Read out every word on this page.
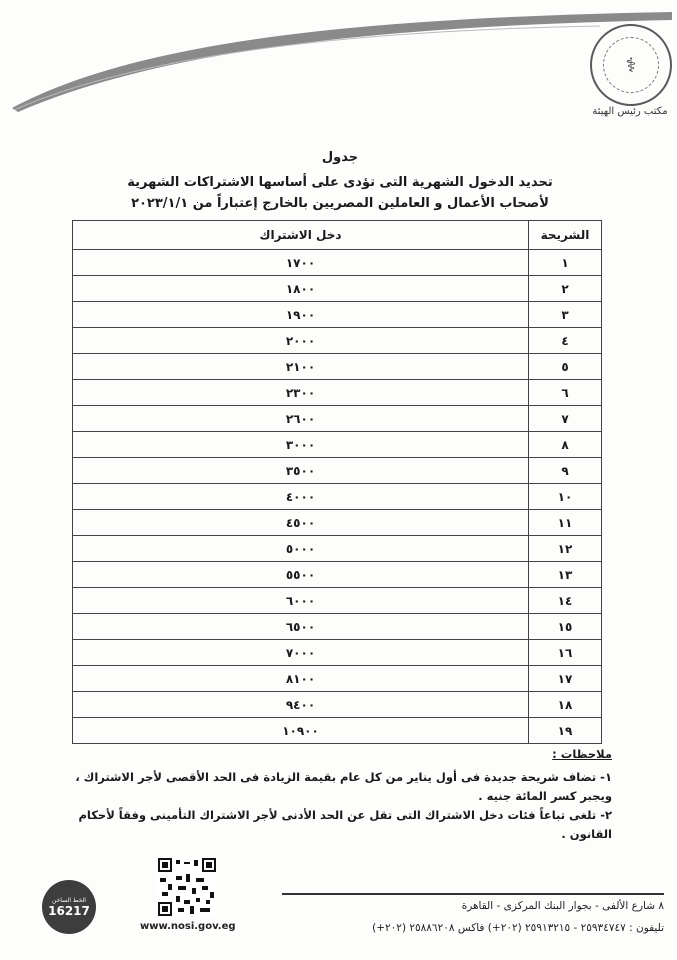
⚕
مكتب رئيس الهيئة
جدول
تحديد الدخول الشهرية التى تؤدى على أساسها الاشتراكات الشهرية
لأصحاب الأعمال و العاملين المصريين بالخارج إعتباراً من ٢٠٢٣/١/١
الشريحة	دخل الاشتراك
١	١٧٠٠
٢	١٨٠٠
٣	١٩٠٠
٤	٢٠٠٠
٥	٢١٠٠
٦	٢٣٠٠
٧	٢٦٠٠
٨	٣٠٠٠
٩	٣٥٠٠
١٠	٤٠٠٠
١١	٤٥٠٠
١٢	٥٠٠٠
١٣	٥٥٠٠
١٤	٦٠٠٠
١٥	٦٥٠٠
١٦	٧٠٠٠
١٧	٨١٠٠
١٨	٩٤٠٠
١٩	١٠٩٠٠
ملاحظات :
١- تضاف شريحة جديدة فى أول يناير من كل عام بقيمة الزيادة فى الحد الأقصى لأجر الاشتراك ، ويجبر كسر المائة جنيه .
٢- تلغى تباعاً فئات دخل الاشتراك التى تقل عن الحد الأدنى لأجر الاشتراك التأمينى وفقاً لأحكام القانون .
٨ شارع الألفى - بجوار البنك المركزى - القاهرة
تليفون : ٢٥٩٣٤٧٤٧ - ٢٥٩١٣٢١٥ (٢٠٢+) فاكس ٢٥٨٨٦٢٠٨ (٢٠٢+)
الخط الساخن
16217
www.nosi.gov.eg
